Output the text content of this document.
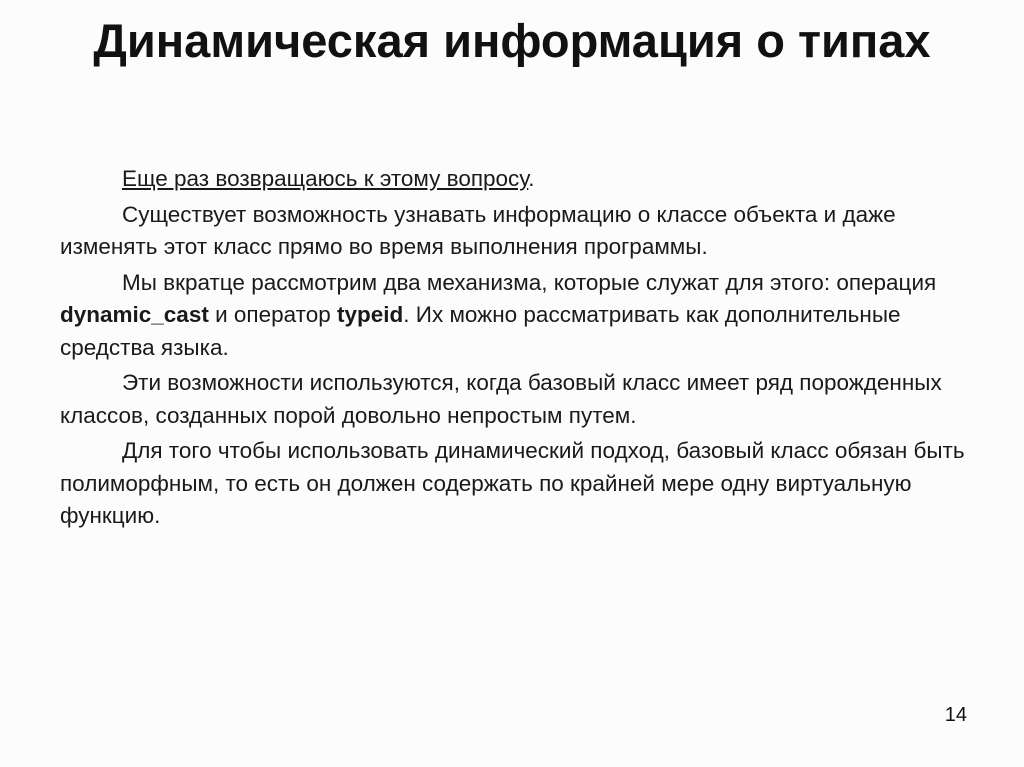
Динамическая информация о типах

Еще раз возвращаюсь к этому вопросу.

Существует возможность узнавать информацию о классе объекта и даже изменять этот класс прямо во время выполнения программы.

Мы вкратце рассмотрим два механизма, которые служат для этого: операция dynamic_cast и оператор typeid. Их можно рассматривать как дополнительные средства языка.

Эти возможности используются, когда базовый класс имеет ряд порожденных классов, созданных порой довольно непростым путем.

Для того чтобы использовать динамический подход, базовый класс обязан быть полиморфным, то есть он должен содержать по крайней мере одну виртуальную функцию.

14
